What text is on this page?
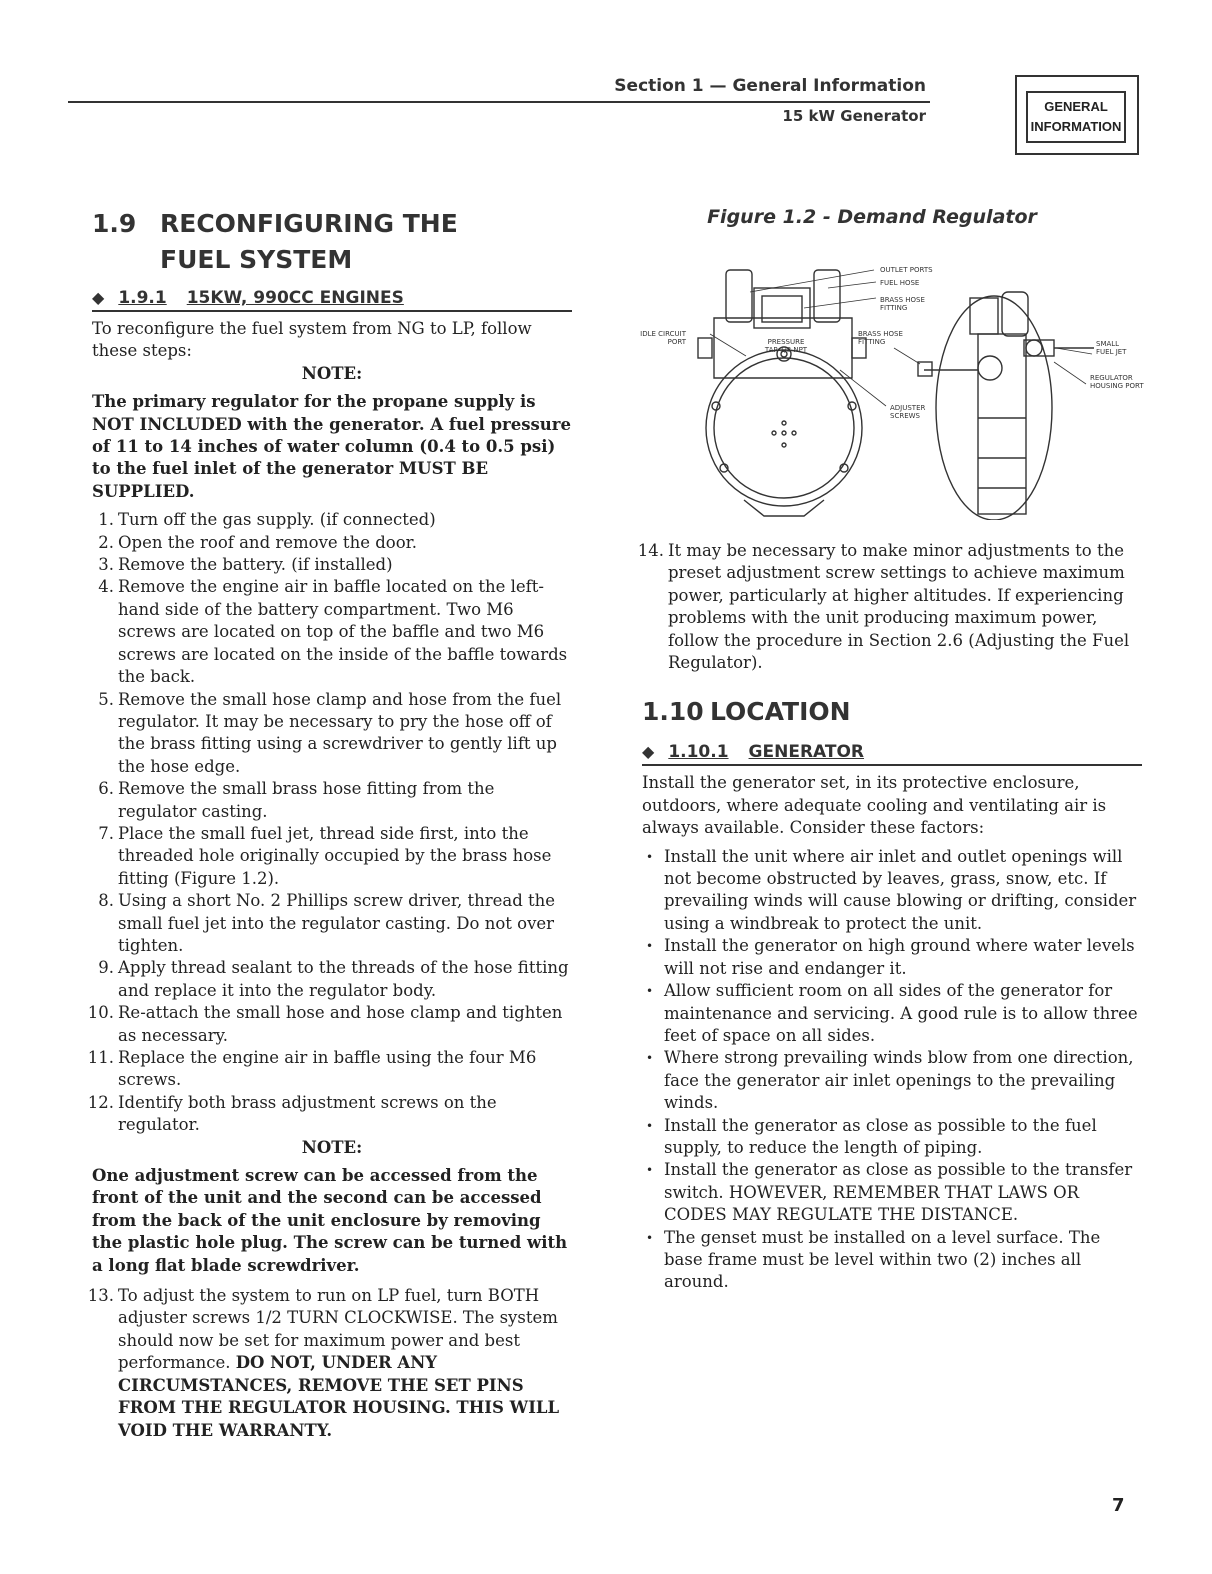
Section 1 — General Information
15 kW Generator
GENERAL
INFORMATION
1.9 RECONFIGURING THE
FUEL SYSTEM
◆ 1.9.1 15KW, 990CC ENGINES

To reconfigure the fuel system from NG to LP, follow these steps:

NOTE:

The primary regulator for the propane supply is NOT INCLUDED with the generator. A fuel pressure of 11 to 14 inches of water column (0.4 to 0.5 psi) to the fuel inlet of the generator MUST BE SUPPLIED.

1. Turn off the gas supply. (if connected)
2. Open the roof and remove the door.
3. Remove the battery. (if installed)
4. Remove the engine air in baffle located on the left-hand side of the battery compartment. Two M6 screws are located on top of the baffle and two M6 screws are located on the inside of the baffle towards the back.
5. Remove the small hose clamp and hose from the fuel regulator. It may be necessary to pry the hose off of the brass fitting using a screwdriver to gently lift up the hose edge.
6. Remove the small brass hose fitting from the regulator casting.
7. Place the small fuel jet, thread side first, into the threaded hole originally occupied by the brass hose fitting (Figure 1.2).
8. Using a short No. 2 Phillips screw driver, thread the small fuel jet into the regulator casting. Do not over tighten.
9. Apply thread sealant to the threads of the hose fitting and replace it into the regulator body.
10. Re-attach the small hose and hose clamp and tighten as necessary.
11. Replace the engine air in baffle using the four M6 screws.
12. Identify both brass adjustment screws on the regulator.

NOTE:

One adjustment screw can be accessed from the front of the unit and the second can be accessed from the back of the unit enclosure by removing the plastic hole plug. The screw can be turned with a long flat blade screwdriver.

13. To adjust the system to run on LP fuel, turn BOTH adjuster screws 1/2 TURN CLOCKWISE. The system should now be set for maximum power and best performance. DO NOT, UNDER ANY CIRCUMSTANCES, REMOVE THE SET PINS FROM THE REGULATOR HOUSING. THIS WILL VOID THE WARRANTY.
Figure 1.2 - Demand Regulator
OUTLET PORTS
FUEL HOSE
BRASS HOSE FITTING
IDLE CIRCUIT PORT
BRASS HOSE FITTING
PRESSURE TAP 1/8 NPT
ADJUSTER SCREWS
SMALL FUEL JET
REGULATOR HOUSING PORT
14. It may be necessary to make minor adjustments to the preset adjustment screw settings to achieve maximum power, particularly at higher altitudes. If experiencing problems with the unit producing maximum power, follow the procedure in Section 2.6 (Adjusting the Fuel Regulator).
1.10 LOCATION
◆ 1.10.1 GENERATOR

Install the generator set, in its protective enclosure, outdoors, where adequate cooling and ventilating air is always available. Consider these factors:

• Install the unit where air inlet and outlet openings will not become obstructed by leaves, grass, snow, etc. If prevailing winds will cause blowing or drifting, consider using a windbreak to protect the unit.
• Install the generator on high ground where water levels will not rise and endanger it.
• Allow sufficient room on all sides of the generator for maintenance and servicing. A good rule is to allow three feet of space on all sides.
• Where strong prevailing winds blow from one direction, face the generator air inlet openings to the prevailing winds.
• Install the generator as close as possible to the fuel supply, to reduce the length of piping.
• Install the generator as close as possible to the transfer switch. HOWEVER, REMEMBER THAT LAWS OR CODES MAY REGULATE THE DISTANCE.
• The genset must be installed on a level surface. The base frame must be level within two (2) inches all around.
7
